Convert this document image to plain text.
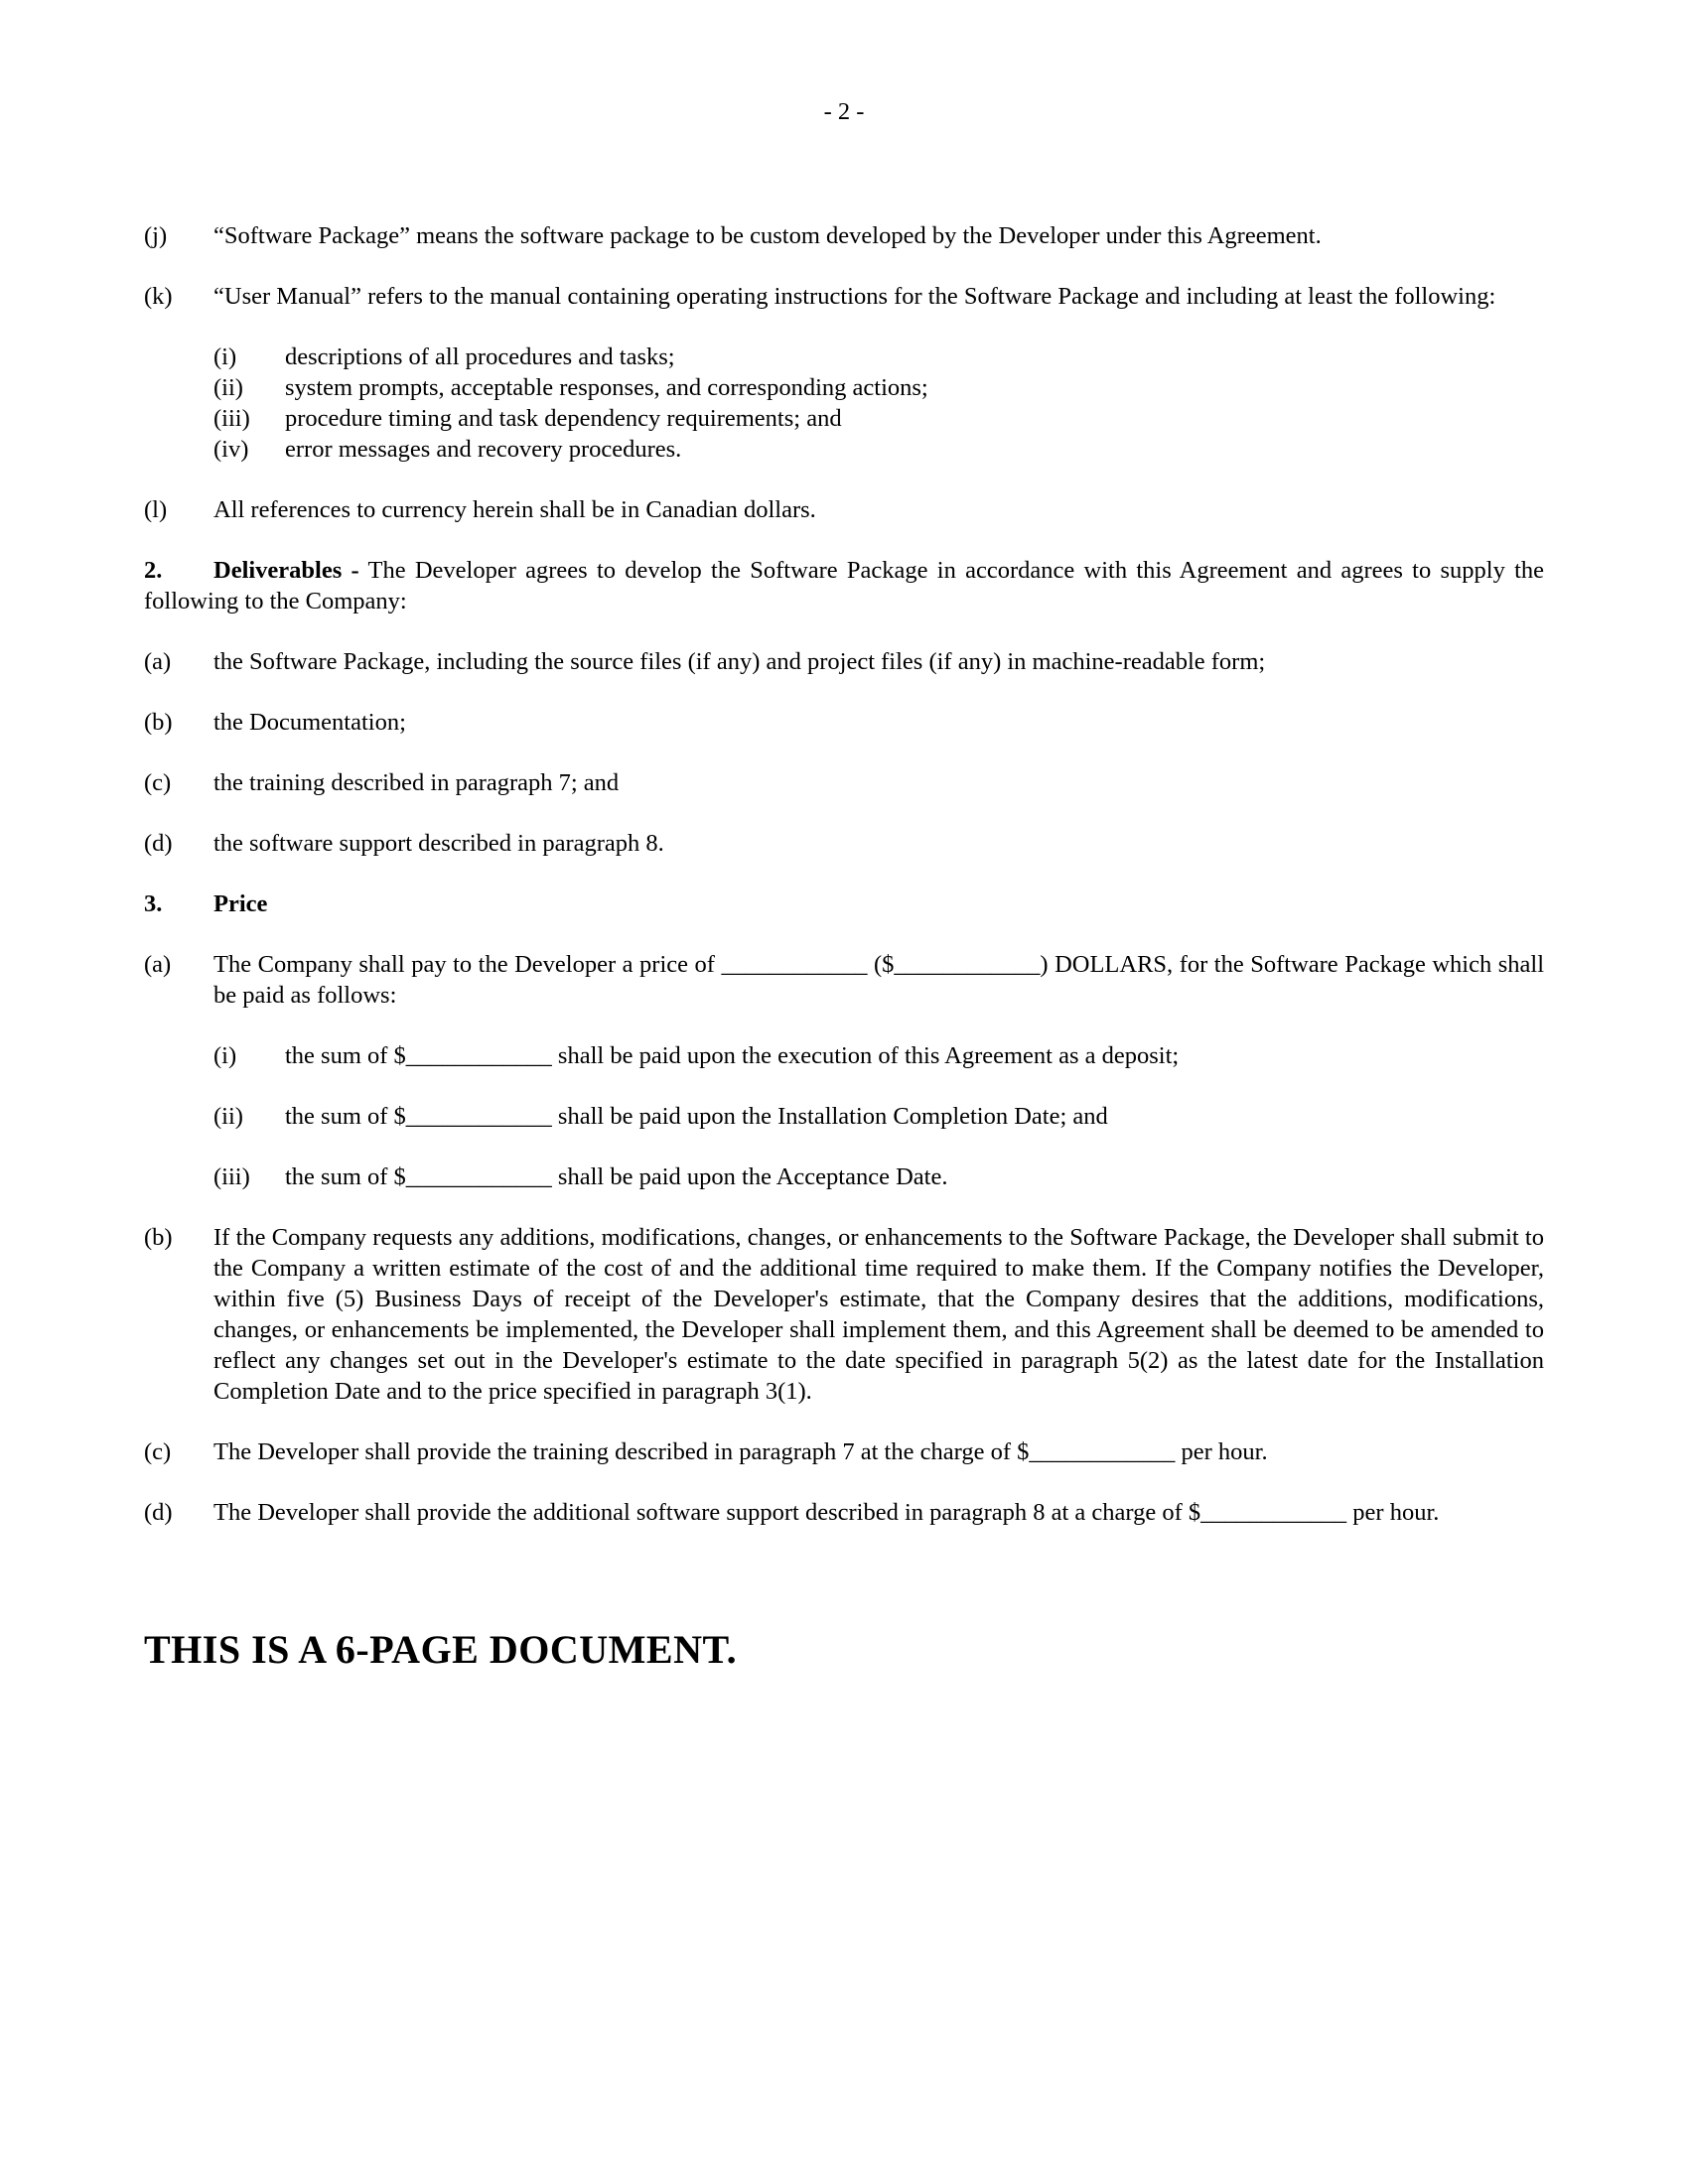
- 2 -
(j)	“Software Package” means the software package to be custom developed by the Developer under this Agreement.
(k)	“User Manual” refers to the manual containing operating instructions for the Software Package and including at least the following:
(i)	descriptions of all procedures and tasks;
(ii)	system prompts, acceptable responses, and corresponding actions;
(iii)	procedure timing and task dependency requirements; and
(iv)	error messages and recovery procedures.
(l)	All references to currency herein shall be in Canadian dollars.
2. Deliverables - The Developer agrees to develop the Software Package in accordance with this Agreement and agrees to supply the following to the Company:
(a)	the Software Package, including the source files (if any) and project files (if any) in machine-readable form;
(b)	the Documentation;
(c)	the training described in paragraph 7; and
(d)	the software support described in paragraph 8.
3. Price
(a)	The Company shall pay to the Developer a price of ____________ ($____________) DOLLARS, for the Software Package which shall be paid as follows:
(i)	the sum of $____________ shall be paid upon the execution of this Agreement as a deposit;
(ii)	the sum of $____________ shall be paid upon the Installation Completion Date; and
(iii)	the sum of $____________ shall be paid upon the Acceptance Date.
(b)	If the Company requests any additions, modifications, changes, or enhancements to the Software Package, the Developer shall submit to the Company a written estimate of the cost of and the additional time required to make them. If the Company notifies the Developer, within five (5) Business Days of receipt of the Developer's estimate, that the Company desires that the additions, modifications, changes, or enhancements be implemented, the Developer shall implement them, and this Agreement shall be deemed to be amended to reflect any changes set out in the Developer's estimate to the date specified in paragraph 5(2) as the latest date for the Installation Completion Date and to the price specified in paragraph 3(1).
(c)	The Developer shall provide the training described in paragraph 7 at the charge of $____________ per hour.
(d)	The Developer shall provide the additional software support described in paragraph 8 at a charge of $____________ per hour.
THIS IS A 6-PAGE DOCUMENT.
